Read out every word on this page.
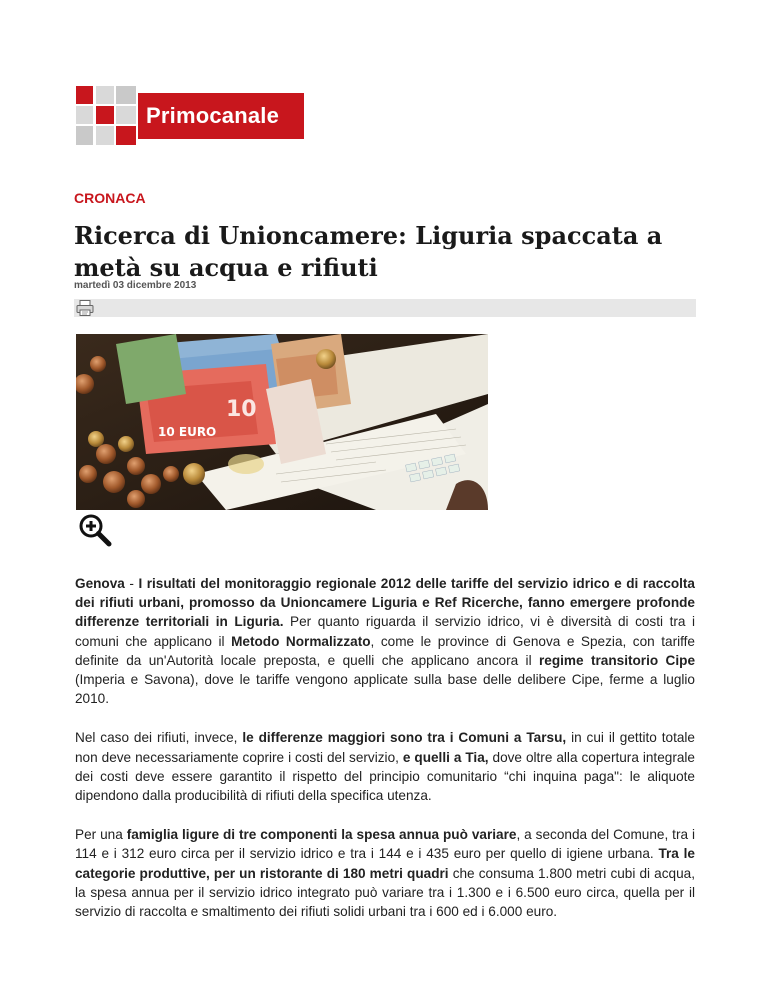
Primocanale
CRONACA
Ricerca di Unioncamere: Liguria spaccata a metà su acqua e rifiuti
martedì 03 dicembre 2013
10
10 EURO

Genova - I risultati del monitoraggio regionale 2012 delle tariffe del servizio idrico e di raccolta dei rifiuti urbani, promosso da Unioncamere Liguria e Ref Ricerche, fanno emergere profonde differenze territoriali in Liguria. Per quanto riguarda il servizio idrico, vi è diversità di costi tra i comuni che applicano il Metodo Normalizzato, come le province di Genova e Spezia, con tariffe definite da un'Autorità locale preposta, e quelli che applicano ancora il regime transitorio Cipe (Imperia e Savona), dove le tariffe vengono applicate sulla base delle delibere Cipe, ferme a luglio 2010.

Nel caso dei rifiuti, invece, le differenze maggiori sono tra i Comuni a Tarsu, in cui il gettito totale non deve necessariamente coprire i costi del servizio, e quelli a Tia, dove oltre alla copertura integrale dei costi deve essere garantito il rispetto del principio comunitario “chi inquina paga": le aliquote dipendono dalla producibilità di rifiuti della specifica utenza.

Per una famiglia ligure di tre componenti la spesa annua può variare, a seconda del Comune, tra i 114 e i 312 euro circa per il servizio idrico e tra i 144 e i 435 euro per quello di igiene urbana. Tra le categorie produttive, per un ristorante di 180 metri quadri che consuma 1.800 metri cubi di acqua, la spesa annua per il servizio idrico integrato può variare tra i 1.300 e i 6.500 euro circa, quella per il servizio di raccolta e smaltimento dei rifiuti solidi urbani tra i 600 ed i 6.000 euro.
